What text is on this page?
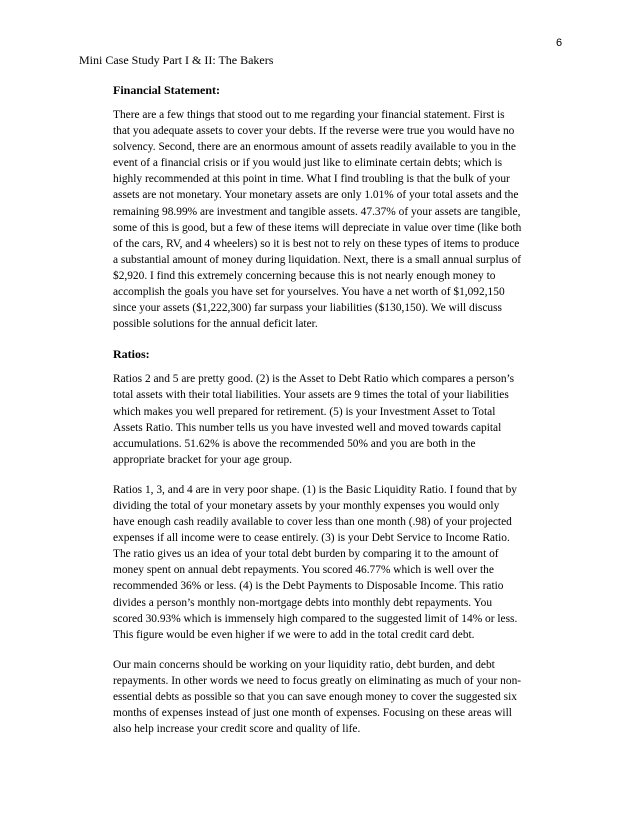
6
Mini Case Study Part I & II: The Bakers
Financial Statement:

There are a few things that stood out to me regarding your financial statement. First is
that you adequate assets to cover your debts. If the reverse were true you would have no
solvency. Second, there are an enormous amount of assets readily available to you in the
event of a financial crisis or if you would just like to eliminate certain debts; which is
highly recommended at this point in time. What I find troubling is that the bulk of your
assets are not monetary. Your monetary assets are only 1.01% of your total assets and the
remaining 98.99% are investment and tangible assets. 47.37% of your assets are tangible,
some of this is good, but a few of these items will depreciate in value over time (like both
of the cars, RV, and 4 wheelers) so it is best not to rely on these types of items to produce
a substantial amount of money during liquidation. Next, there is a small annual surplus of
$2,920. I find this extremely concerning because this is not nearly enough money to
accomplish the goals you have set for yourselves. You have a net worth of $1,092,150
since your assets ($1,222,300) far surpass your liabilities ($130,150). We will discuss
possible solutions for the annual deficit later.

Ratios:

Ratios 2 and 5 are pretty good. (2) is the Asset to Debt Ratio which compares a person’s
total assets with their total liabilities. Your assets are 9 times the total of your liabilities
which makes you well prepared for retirement. (5) is your Investment Asset to Total
Assets Ratio. This number tells us you have invested well and moved towards capital
accumulations. 51.62% is above the recommended 50% and you are both in the
appropriate bracket for your age group.

Ratios 1, 3, and 4 are in very poor shape. (1) is the Basic Liquidity Ratio. I found that by
dividing the total of your monetary assets by your monthly expenses you would only
have enough cash readily available to cover less than one month (.98) of your projected
expenses if all income were to cease entirely. (3) is your Debt Service to Income Ratio.
The ratio gives us an idea of your total debt burden by comparing it to the amount of
money spent on annual debt repayments. You scored 46.77% which is well over the
recommended 36% or less. (4) is the Debt Payments to Disposable Income. This ratio
divides a person’s monthly non-mortgage debts into monthly debt repayments. You
scored 30.93% which is immensely high compared to the suggested limit of 14% or less.
This figure would be even higher if we were to add in the total credit card debt.

Our main concerns should be working on your liquidity ratio, debt burden, and debt
repayments. In other words we need to focus greatly on eliminating as much of your non-
essential debts as possible so that you can save enough money to cover the suggested six
months of expenses instead of just one month of expenses. Focusing on these areas will
also help increase your credit score and quality of life.
